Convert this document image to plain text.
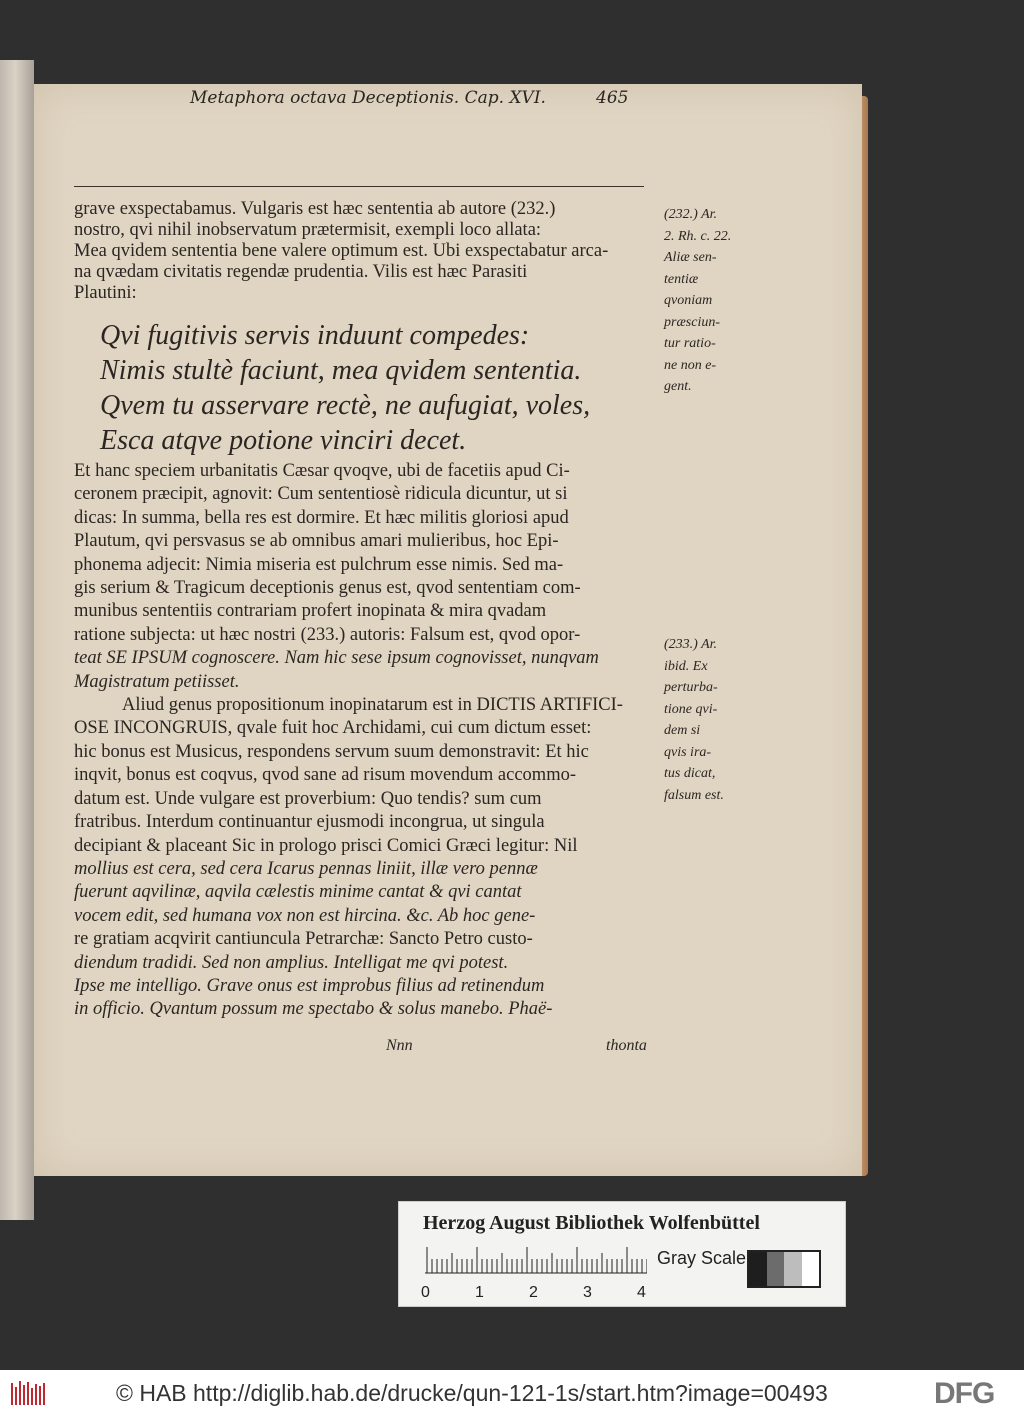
Metaphora octava Deceptionis. Cap. XVI.	465
grave exspectabamus. Vulgaris est hæc sententia ab autore (232.)
nostro, qvi nihil inobservatum prætermisit, exempli loco allata:
Mea qvidem sententia bene valere optimum est. Ubi exspectabatur arca-
na qvædam civitatis regendæ prudentia. Vilis est hæc Parasiti
Plautini:
Qvi fugitivis servis induunt compedes:
Nimis stultè faciunt, mea qvidem sententia.
Qvem tu asservare rectè, ne aufugiat, voles,
Esca atqve potione vinciri decet.
Et hanc speciem urbanitatis Cæsar qvoqve, ubi de facetiis apud Ci-
ceronem præcipit, agnovit: Cum sententiosè ridicula dicuntur, ut si
dicas: In summa, bella res est dormire. Et hæc militis gloriosi apud
Plautum, qvi persvasus se ab omnibus amari mulieribus, hoc Epi-
phonema adjecit: Nimia miseria est pulchrum esse nimis. Sed ma-
gis serium & Tragicum deceptionis genus est, qvod sententiam com-
munibus sententiis contrariam profert inopinata & mira qvadam
ratione subjecta: ut hæc nostri (233.) autoris: Falsum est, qvod opor-
teat SE IPSUM cognoscere. Nam hic sese ipsum cognovisset, nunqvam
Magistratum petiisset.
Aliud genus propositionum inopinatarum est in DICTIS ARTIFICI-
OSE INCONGRUIS, qvale fuit hoc Archidami, cui cum dictum esset:
hic bonus est Musicus, respondens servum suum demonstravit: Et hic
inqvit, bonus est coqvus, qvod sane ad risum movendum accommo-
datum est. Unde vulgare est proverbium: Quo tendis? sum cum
fratribus. Interdum continuantur ejusmodi incongrua, ut singula
decipiant & placeant Sic in prologo prisci Comici Græci legitur: Nil
mollius est cera, sed cera Icarus pennas liniit, illæ vero pennæ
fuerunt aqvilinæ, aqvila cælestis minime cantat & qvi cantat
vocem edit, sed humana vox non est hircina. &c. Ab hoc gene-
re gratiam acqvirit cantiunculа Petrarchæ: Sancto Petro custo-
diendum tradidi. Sed non amplius. Intelligat me qvi potest.
Ipse me intelligo. Grave onus est improbus filius ad retinendum
in officio. Qvantum possum me spectabo & solus manebo. Phaë-
(232.) Ar.
2. Rh. c. 22.
Aliæ sen-
tentiæ
qvoniam
præsciun-
tur ratio-
ne non e-
gent.
(233.) Ar.
ibid. Ex
perturba-
tione qvi-
dem si
qvis ira-
tus dicat,
falsum est.
Nnn	thonta
Herzog August Bibliothek Wolfenbüttel
0	1	2	3	4
Gray Scale
© HAB http://diglib.hab.de/drucke/qun-121-1s/start.htm?image=00493	DFG
